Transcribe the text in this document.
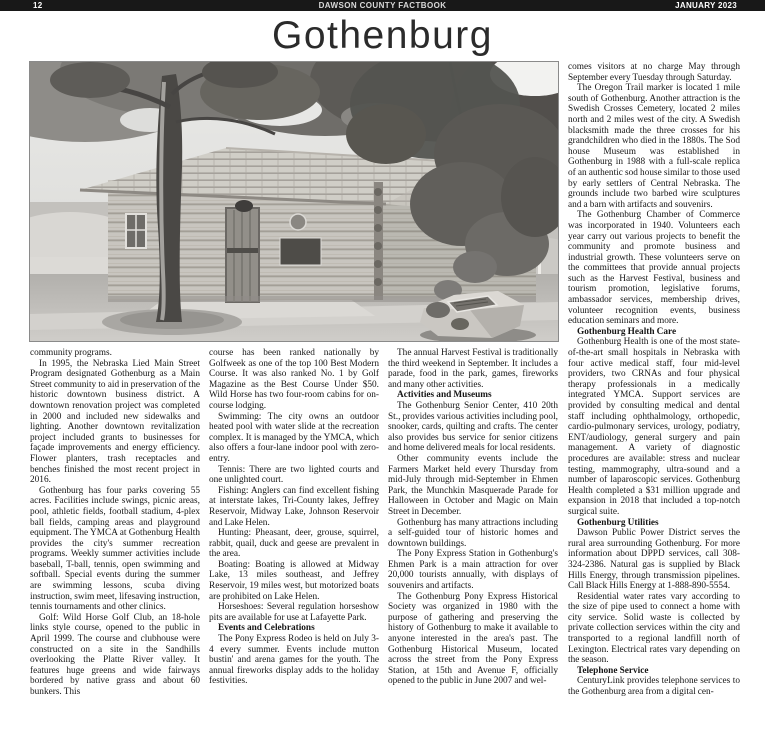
12	DAWSON COUNTY FACTBOOK	JANUARY 2023
Gothenburg

community programs.

In 1995, the Nebraska Lied Main Street Program designated Gothenburg as a Main Street community to aid in preservation of the historic downtown business district. A downtown renovation project was completed in 2000 and included new sidewalks and lighting. Another downtown revitalization project included grants to businesses for façade improvements and energy efficiency. Flower planters, trash receptacles and benches finished the most recent project in 2016.

Gothenburg has four parks covering 55 acres. Facilities include swings, picnic areas, pool, athletic fields, football stadium, 4-plex ball fields, camping areas and playground equipment. The YMCA at Gothenburg Health provides the city's summer recreation programs. Weekly summer activities include baseball, T-ball, tennis, open swimming and softball. Special events during the summer are swimming lessons, scuba diving instruction, swim meet, lifesaving instruction, tennis tournaments and other clinics.

Golf: Wild Horse Golf Club, an 18-hole links style course, opened to the public in April 1999. The course and clubhouse were constructed on a site in the Sandhills overlooking the Platte River valley. It features huge greens and wide fairways bordered by native grass and about 60 bunkers. This

course has been ranked nationally by Golfweek as one of the top 100 Best Modern Course. It was also ranked No. 1 by Golf Magazine as the Best Course Under $50. Wild Horse has two four-room cabins for on-course lodging.

Swimming: The city owns an outdoor heated pool with water slide at the recreation complex. It is managed by the YMCA, which also offers a four-lane indoor pool with zero-entry.

Tennis: There are two lighted courts and one unlighted court.

Fishing: Anglers can find excellent fishing at interstate lakes, Tri-County lakes, Jeffrey Reservoir, Midway Lake, Johnson Reservoir and Lake Helen.

Hunting: Pheasant, deer, grouse, squirrel, rabbit, quail, duck and geese are prevalent in the area.

Boating: Boating is allowed at Midway Lake, 13 miles southeast, and Jeffrey Reservoir, 19 miles west, but motorized boats are prohibited on Lake Helen.

Horseshoes: Several regulation horseshow pits are available for use at Lafayette Park.

Events and Celebrations

The Pony Express Rodeo is held on July 3-4 every summer. Events include mutton bustin' and arena games for the youth. The annual fireworks display adds to the holiday festivities.

The annual Harvest Festival is traditionally the third weekend in September. It includes a parade, food in the park, games, fireworks and many other activities.

Activities and Museums

The Gothenburg Senior Center, 410 20th St., provides various activities including pool, snooker, cards, quilting and crafts. The center also provides bus service for senior citizens and home delivered meals for local residents.

Other community events include the Farmers Market held every Thursday from mid-July through mid-September in Ehmen Park, the Munchkin Masquerade Parade for Halloween in October and Magic on Main Street in December.

Gothenburg has many attractions including a self-guided tour of historic homes and downtown buildings.

The Pony Express Station in Gothenburg's Ehmen Park is a main attraction for over 20,000 tourists annually, with displays of souvenirs and artifacts.

The Gothenburg Pony Express Historical Society was organized in 1980 with the purpose of gathering and preserving the history of Gothenburg to make it available to anyone interested in the area's past. The Gothenburg Historical Museum, located across the street from the Pony Express Station, at 15th and Avenue F, officially opened to the public in June 2007 and wel-

comes visitors at no charge May through September every Tuesday through Saturday.

The Oregon Trail marker is located 1 mile south of Gothenburg. Another attraction is the Swedish Crosses Cemetery, located 2 miles north and 2 miles west of the city. A Swedish blacksmith made the three crosses for his grandchildren who died in the 1880s. The Sod house Museum was established in Gothenburg in 1988 with a full-scale replica of an authentic sod house similar to those used by early settlers of Central Nebraska. The grounds include two barbed wire sculptures and a barn with artifacts and souvenirs.

The Gothenburg Chamber of Commerce was incorporated in 1940. Volunteers each year carry out various projects to benefit the community and promote business and industrial growth. These volunteers serve on the committees that provide annual projects such as the Harvest Festival, business and tourism promotion, legislative forums, ambassador services, membership drives, volunteer recognition events, business education seminars and more.

Gothenburg Health Care

Gothenburg Health is one of the most state-of-the-art small hospitals in Nebraska with four active medical staff, four mid-level providers, two CRNAs and four physical therapy professionals in a medically integrated YMCA. Support services are provided by consulting medical and dental staff including ophthalmology, orthopedic, cardio-pulmonary services, urology, podiatry, ENT/audiology, general surgery and pain management. A variety of diagnostic procedures are available: stress and nuclear testing, mammography, ultra-sound and a number of laparoscopic services. Gothenburg Health completed a $31 million upgrade and expansion in 2018 that included a top-notch surgical suite.

Gothenburg Utilities

Dawson Public Power District serves the rural area surrounding Gothenburg. For more information about DPPD services, call 308-324-2386. Natural gas is supplied by Black Hills Energy, through transmission pipelines. Call Black Hills Energy at 1-888-890-5554.

Residential water rates vary according to the size of pipe used to connect a home with city service. Solid waste is collected by private collection services within the city and transported to a regional landfill north of Lexington. Electrical rates vary depending on the season.

Telephone Service

CenturyLink provides telephone services to the Gothenburg area from a digital cen-
